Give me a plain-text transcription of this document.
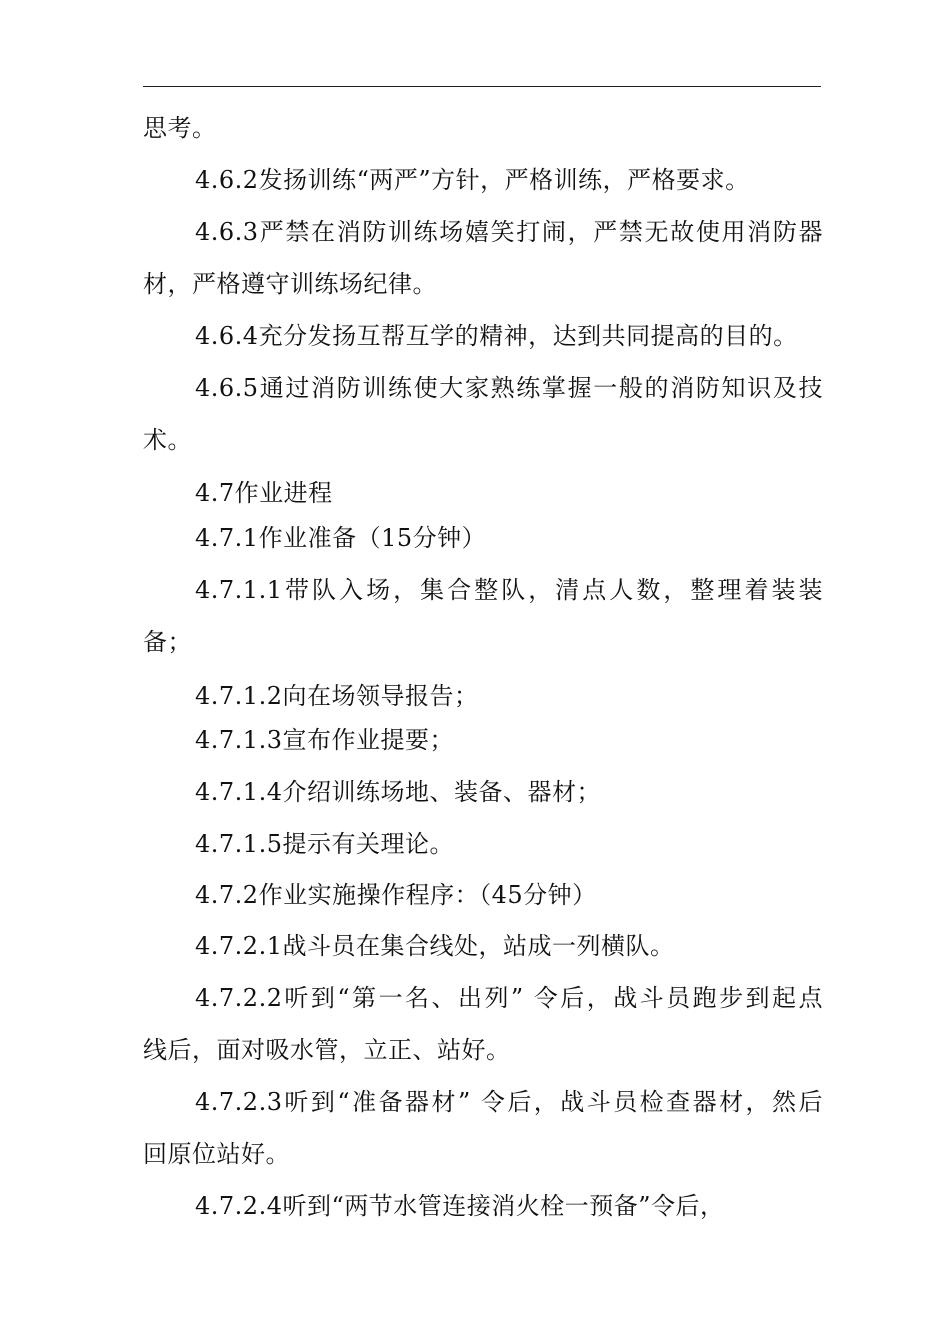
思考。

4.6.2发扬训练“两严”方针，严格训练，严格要求。

4.6.3严禁在消防训练场嬉笑打闹，严禁无故使用消防器
材，严格遵守训练场纪律。

4.6.4充分发扬互帮互学的精神，达到共同提高的目的。

4.6.5通过消防训练使大家熟练掌握一般的消防知识及技
术。

4.7作业进程

4.7.1作业准备（15分钟）

4.7.1.1带队入场，集合整队，清点人数，整理着装装
备；

4.7.1.2向在场领导报告；

4.7.1.3宣布作业提要；

4.7.1.4介绍训练场地、装备、器材；

4.7.1.5提示有关理论。

4.7.2作业实施操作程序：（45分钟）

4.7.2.1战斗员在集合线处，站成一列横队。

4.7.2.2听到“第一名、出列” 令后，战斗员跑步到起点
线后，面对吸水管，立正、站好。
4.7.2.3听到“准备器材” 令后，战斗员检查器材，然后
回原位站好。

4.7.2.4听到“两节水管连接消火栓一预备”令后，
